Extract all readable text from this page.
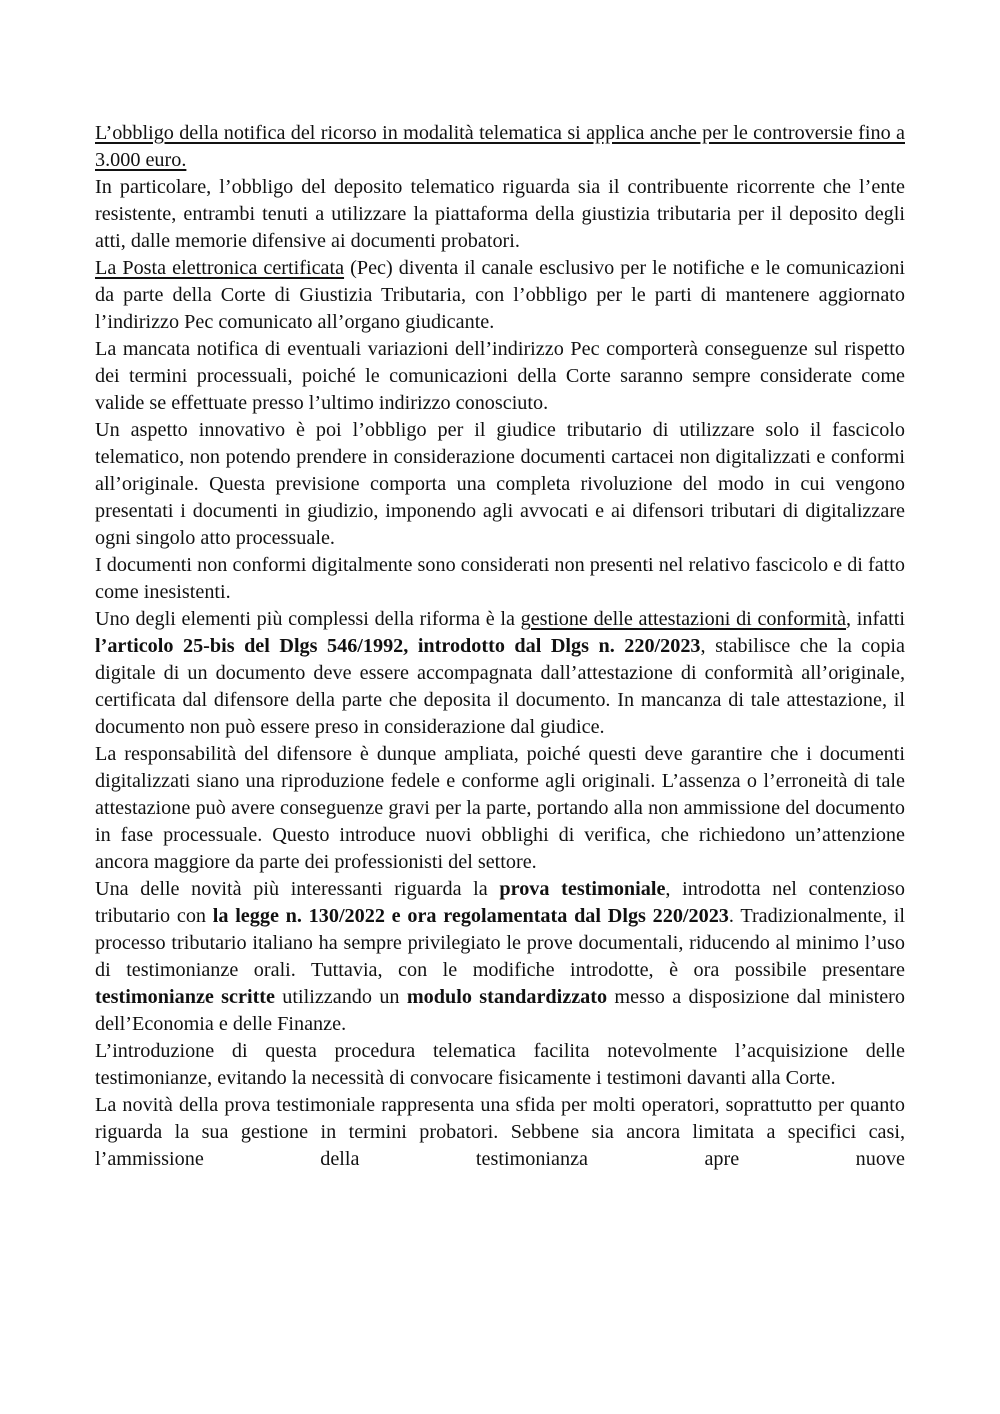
L’obbligo della notifica del ricorso in modalità telematica si applica anche per le controversie fino a 3.000 euro.

In particolare, l’obbligo del deposito telematico riguarda sia il contribuente ricorrente che l’ente resistente, entrambi tenuti a utilizzare la piattaforma della giustizia tributaria per il deposito degli atti, dalle memorie difensive ai documenti probatori.

La Posta elettronica certificata (Pec) diventa il canale esclusivo per le notifiche e le comunicazioni da parte della Corte di Giustizia Tributaria, con l’obbligo per le parti di mantenere aggiornato l’indirizzo Pec comunicato all’organo giudicante.

La mancata notifica di eventuali variazioni dell’indirizzo Pec comporterà conseguenze sul rispetto dei termini processuali, poiché le comunicazioni della Corte saranno sempre considerate come valide se effettuate presso l’ultimo indirizzo conosciuto.

Un aspetto innovativo è poi l’obbligo per il giudice tributario di utilizzare solo il fascicolo telematico, non potendo prendere in considerazione documenti cartacei non digitalizzati e conformi all’originale. Questa previsione comporta una completa rivoluzione del modo in cui vengono presentati i documenti in giudizio, imponendo agli avvocati e ai difensori tributari di digitalizzare ogni singolo atto processuale.

I documenti non conformi digitalmente sono considerati non presenti nel relativo fascicolo e di fatto come inesistenti.

Uno degli elementi più complessi della riforma è la gestione delle attestazioni di conformità, infatti l’articolo 25-bis del Dlgs 546/1992, introdotto dal Dlgs n. 220/2023, stabilisce che la copia digitale di un documento deve essere accompagnata dall’attestazione di conformità all’originale, certificata dal difensore della parte che deposita il documento. In mancanza di tale attestazione, il documento non può essere preso in considerazione dal giudice.

La responsabilità del difensore è dunque ampliata, poiché questi deve garantire che i documenti digitalizzati siano una riproduzione fedele e conforme agli originali. L’assenza o l’erroneità di tale attestazione può avere conseguenze gravi per la parte, portando alla non ammissione del documento in fase processuale. Questo introduce nuovi obblighi di verifica, che richiedono un’attenzione ancora maggiore da parte dei professionisti del settore.

Una delle novità più interessanti riguarda la prova testimoniale, introdotta nel contenzioso tributario con la legge n. 130/2022 e ora regolamentata dal Dlgs 220/2023. Tradizionalmente, il processo tributario italiano ha sempre privilegiato le prove documentali, riducendo al minimo l’uso di testimonianze orali. Tuttavia, con le modifiche introdotte, è ora possibile presentare testimonianze scritte utilizzando un modulo standardizzato messo a disposizione dal ministero dell’Economia e delle Finanze.

L’introduzione di questa procedura telematica facilita notevolmente l’acquisizione delle testimonianze, evitando la necessità di convocare fisicamente i testimoni davanti alla Corte.

La novità della prova testimoniale rappresenta una sfida per molti operatori, soprattutto per quanto riguarda la sua gestione in termini probatori. Sebbene sia ancora limitata a specifici casi, l’ammissione della testimonianza apre nuove
